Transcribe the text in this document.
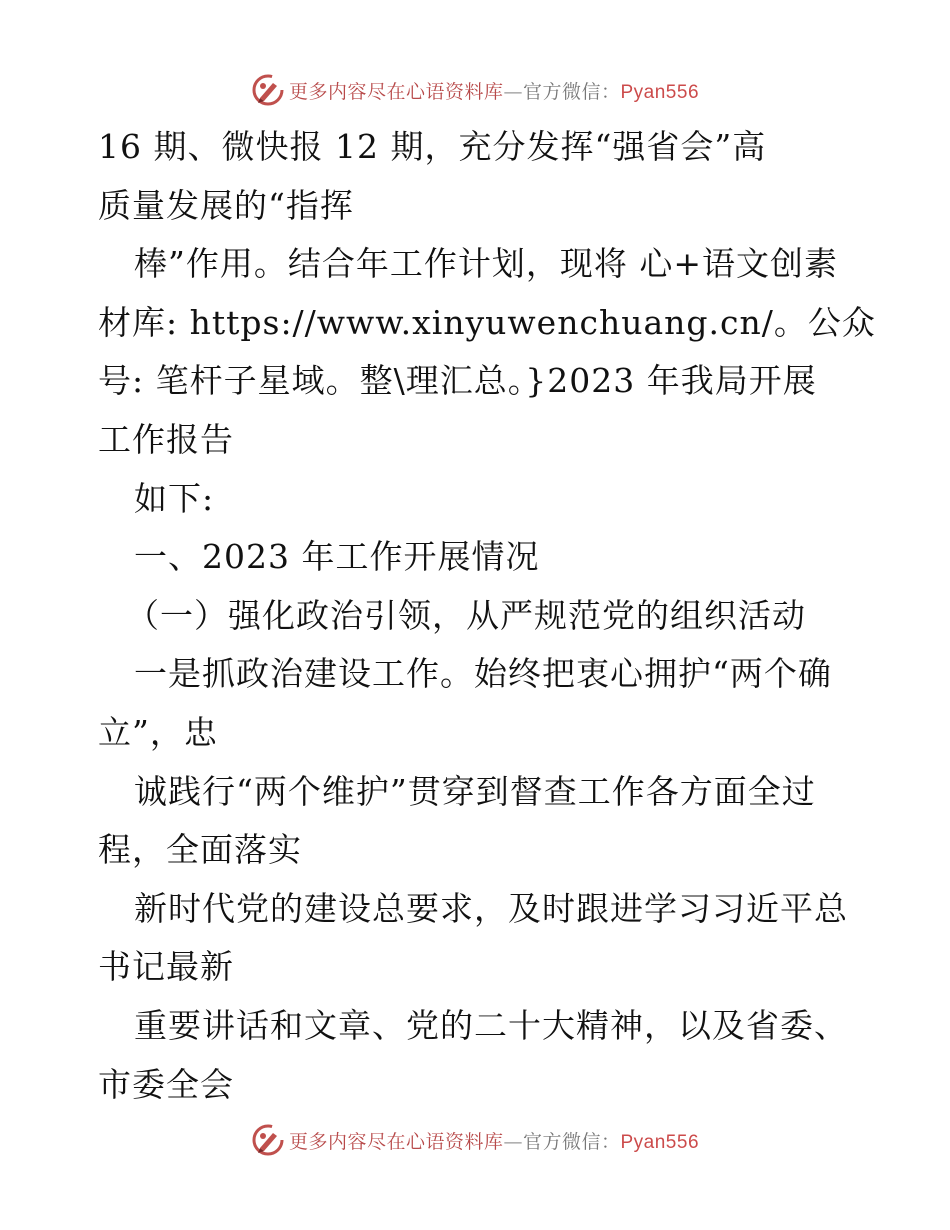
更多内容尽在心语资料库—官方微信：Pyan556
16 期、微快报 12 期，充分发挥“强省会”高
质量发展的“指挥
棒”作用。结合年工作计划，现将 心+语文创素
材库: https://www.xinyuwenchuang.cn/。公众
号: 笔杆子星域。整\理汇总。}2023 年我局开展
工作报告
如下:
一、2023 年工作开展情况
（一）强化政治引领，从严规范党的组织活动
一是抓政治建设工作。始终把衷心拥护“两个确
立”，忠
诚践行“两个维护”贯穿到督查工作各方面全过
程，全面落实
新时代党的建设总要求，及时跟进学习习近平总
书记最新
重要讲话和文章、党的二十大精神，以及省委、
市委全会
更多内容尽在心语资料库—官方微信：Pyan556
